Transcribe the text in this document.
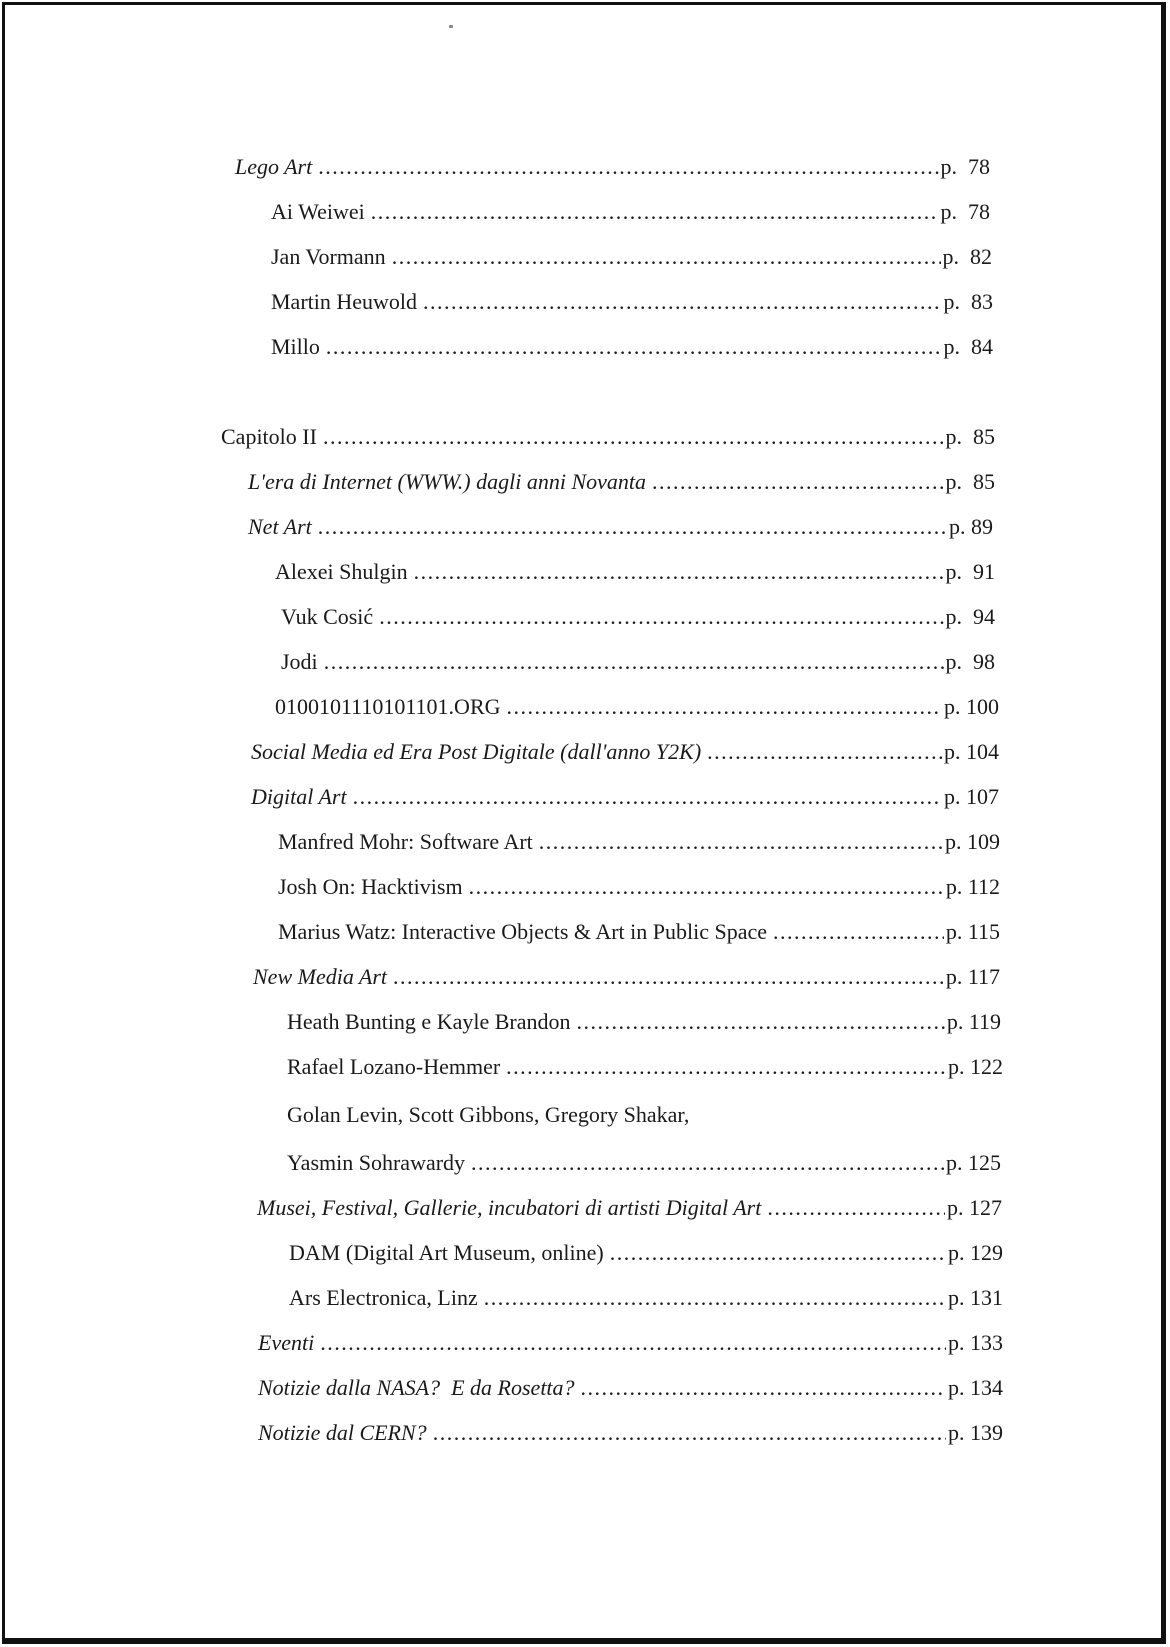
Lego Art .....	p.  78
Ai Weiwei .....	p.  78
Jan Vormann .....	p.  82
Martin Heuwold .....	p.  83
Millo .....	p.  84
Capitolo II .....	p.  85
L'era di Internet (WWW.) dagli anni Novanta .....	p.  85
Net Art .....	p. 89
Alexei Shulgin .....	p.  91
Vuk Cosić .....	p.  94
Jodi .....	p.  98
0100101110101101.ORG .....	p. 100
Social Media ed Era Post Digitale (dall'anno Y2K) .....	p. 104
Digital Art .....	p. 107
Manfred Mohr: Software Art .....	p. 109
Josh On: Hacktivism .....	p. 112
Marius Watz: Interactive Objects & Art in Public Space .....	p. 115
New Media Art .....	p. 117
Heath Bunting e Kayle Brandon .....	p. 119
Rafael Lozano-Hemmer .....	p. 122
Golan Levin, Scott Gibbons, Gregory Shakar,
Yasmin Sohrawardy .....	p. 125
Musei, Festival, Gallerie, incubatori di artisti Digital Art .....	p. 127
DAM (Digital Art Museum, online) .....	p. 129
Ars Electronica, Linz .....	p. 131
Eventi .....	p. 133
Notizie dalla NASA?  E da Rosetta? .....	p. 134
Notizie dal CERN? .....	p. 139
